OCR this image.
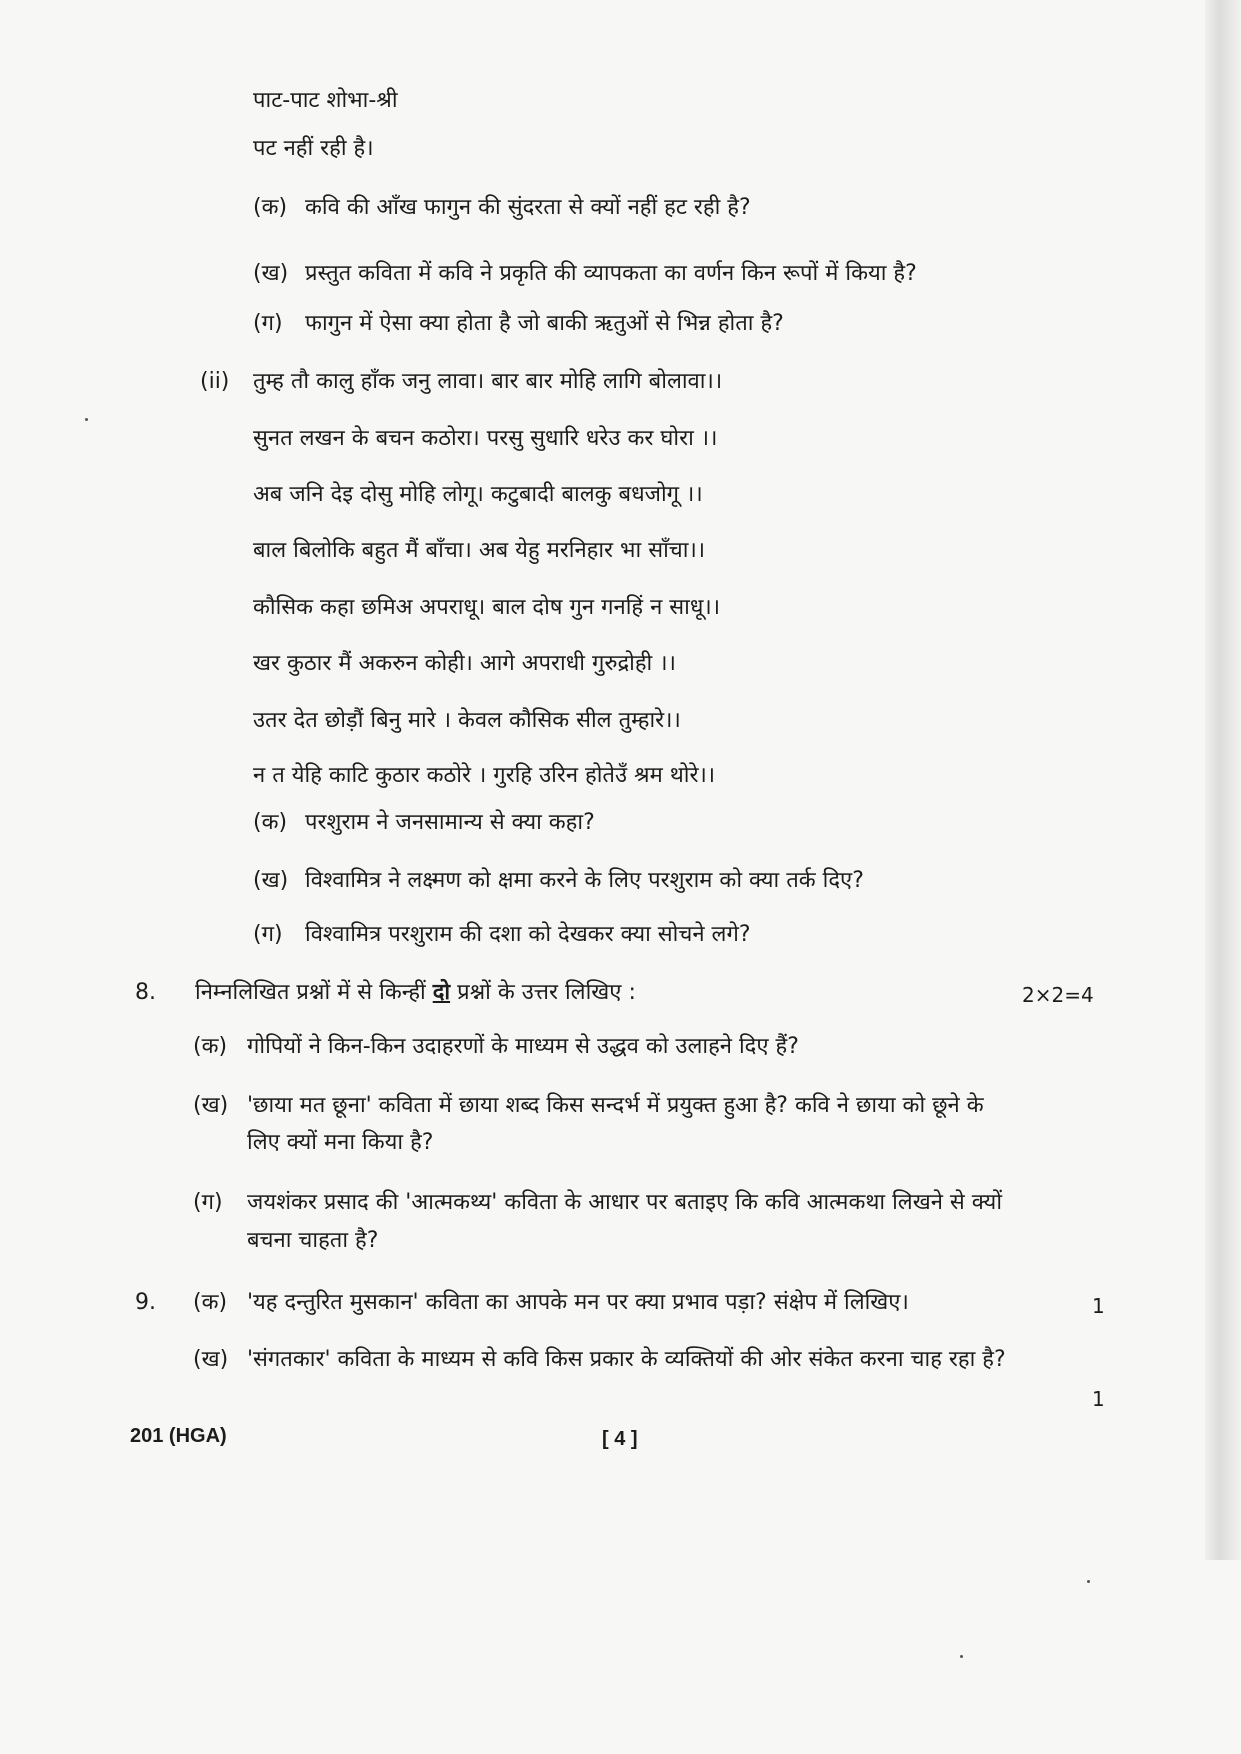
पाट-पाट शोभा-श्री
पट नहीं रही है।
(क) कवि की आँख फागुन की सुंदरता से क्यों नहीं हट रही है?
(ख) प्रस्तुत कविता में कवि ने प्रकृति की व्यापकता का वर्णन किन रूपों में किया है?
(ग) फागुन में ऐसा क्या होता है जो बाकी ऋतुओं से भिन्न होता है?
(ii) तुम्ह तौ कालु हाँक जनु लावा। बार बार मोहि लागि बोलावा।।
सुनत लखन के बचन कठोरा। परसु सुधारि धरेउ कर घोरा ।।
अब जनि देइ दोसु मोहि लोगू। कटुबादी बालकु बधजोगू ।।
बाल बिलोकि बहुत मैं बाँचा। अब येहु मरनिहार भा साँचा।।
कौसिक कहा छमिअ अपराधू। बाल दोष गुन गनहिं न साधू।।
खर कुठार मैं अकरुन कोही। आगे अपराधी गुरुद्रोही ।।
उतर देत छोड़ौं बिनु मारे । केवल कौसिक सील तुम्हारे।।
न त येहि काटि कुठार कठोरे । गुरहि उरिन होतेउँ श्रम थोरे।।
(क) परशुराम ने जनसामान्य से क्या कहा?
(ख) विश्वामित्र ने लक्ष्मण को क्षमा करने के लिए परशुराम को क्या तर्क दिए?
(ग) विश्वामित्र परशुराम की दशा को देखकर क्या सोचने लगे?
8. निम्नलिखित प्रश्नों में से किन्हीं दो प्रश्नों के उत्तर लिखिए :	2×2=4
(क) गोपियों ने किन-किन उदाहरणों के माध्यम से उद्धव को उलाहने दिए हैं?
(ख) 'छाया मत छूना' कविता में छाया शब्द किस सन्दर्भ में प्रयुक्त हुआ है? कवि ने छाया को छूने के
लिए क्यों मना किया है?
(ग) जयशंकर प्रसाद की 'आत्मकथ्य' कविता के आधार पर बताइए कि कवि आत्मकथा लिखने से क्यों
बचना चाहता है?
9. (क) 'यह दन्तुरित मुसकान' कविता का आपके मन पर क्या प्रभाव पड़ा? संक्षेप में लिखिए।	1
(ख) 'संगतकार' कविता के माध्यम से कवि किस प्रकार के व्यक्तियों की ओर संकेत करना चाह रहा है?
1
201 (HGA)	[ 4 ]
